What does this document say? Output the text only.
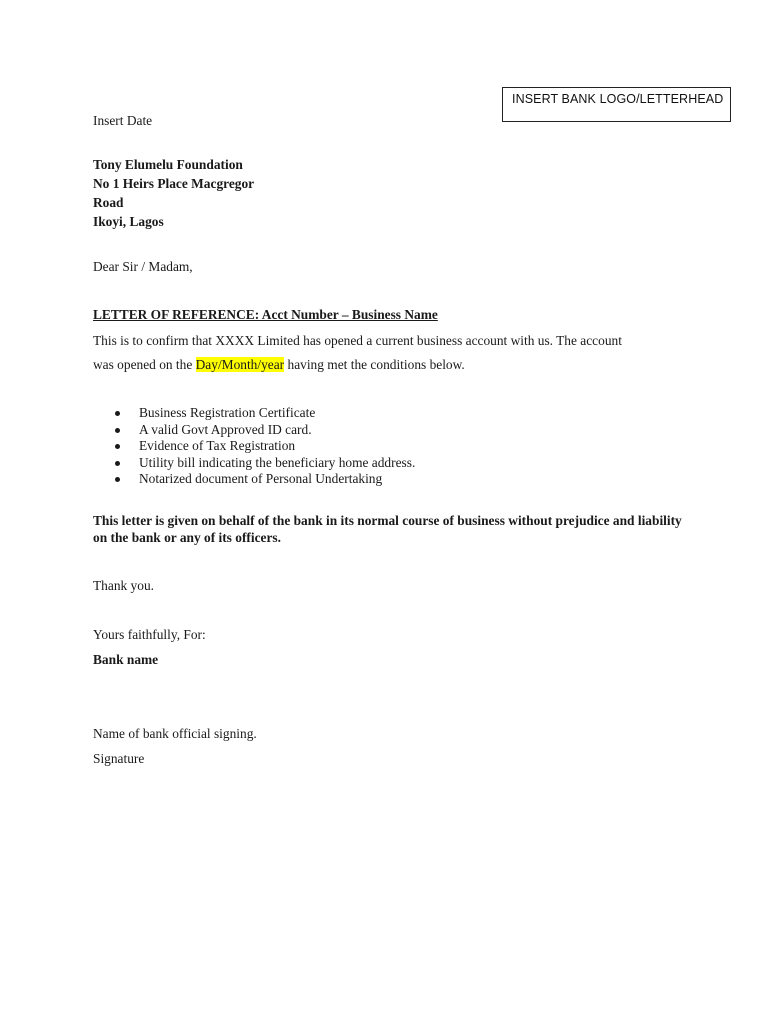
INSERT BANK LOGO/LETTERHEAD
Insert Date
Tony Elumelu Foundation
No 1 Heirs Place Macgregor
Road
Ikoyi, Lagos
Dear Sir / Madam,
LETTER OF REFERENCE: Acct Number – Business Name
This is to confirm that XXXX Limited has opened a current business account with us. The account
was opened on the Day/Month/year having met the conditions below.
Business Registration Certificate
A valid Govt Approved ID card.
Evidence of Tax Registration
Utility bill indicating the beneficiary home address.
Notarized document of Personal Undertaking
This letter is given on behalf of the bank in its normal course of business without prejudice and liability on the bank or any of its officers.
Thank you.
Yours faithfully, For:
Bank name
Name of bank official signing.
Signature
